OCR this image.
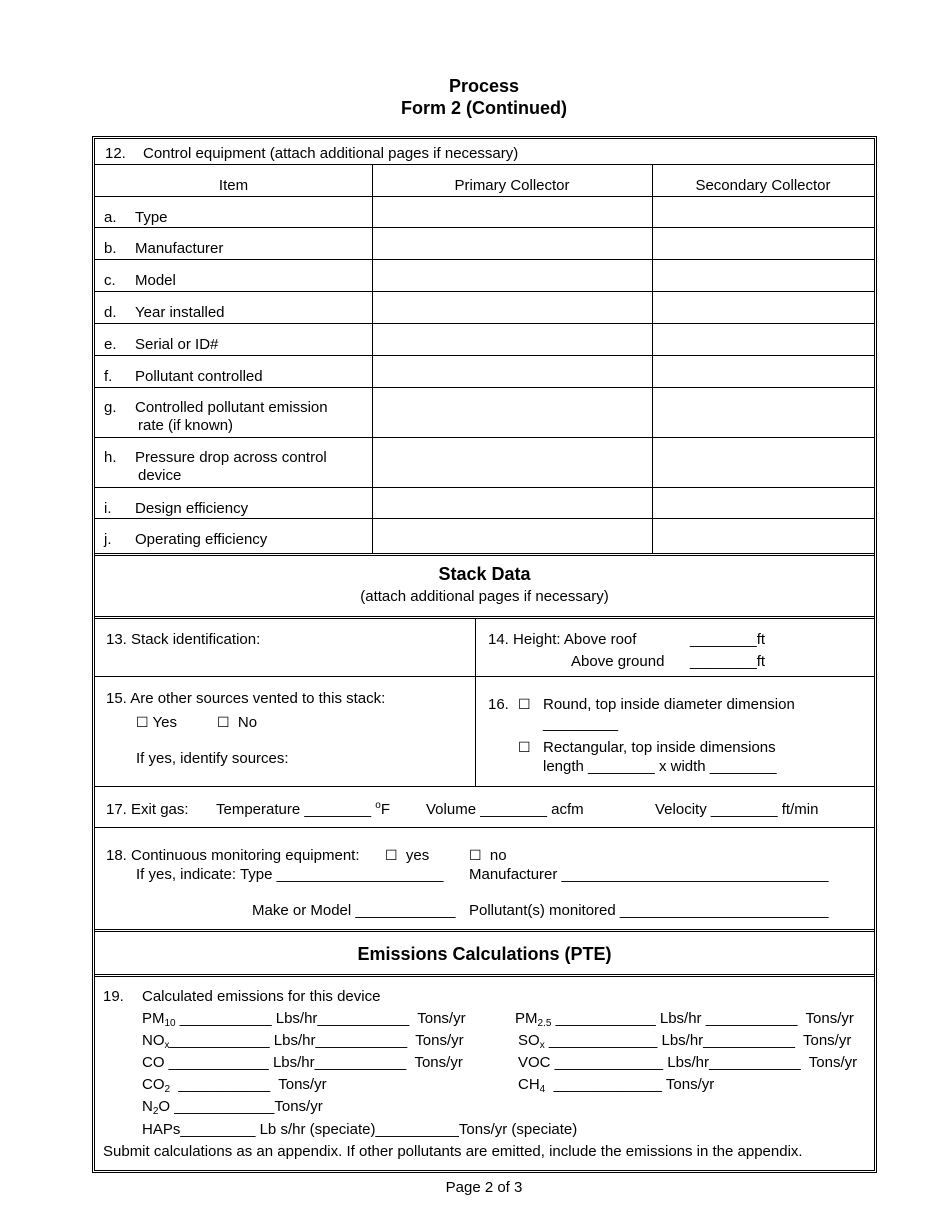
Process
Form 2 (Continued)
12. Control equipment (attach additional pages if necessary)
Item	Primary Collector	Secondary Collector
a. Type
b. Manufacturer
c. Model
d. Year installed
e. Serial or ID#
f. Pollutant controlled
g. Controlled pollutant emission
rate (if known)
h. Pressure drop across control
device
i. Design efficiency
j. Operating efficiency
Stack Data
(attach additional pages if necessary)
13. Stack identification:	14. Height: Above roof	________ft
Above ground ________ft
15. Are other sources vented to this stack:
☐ Yes	☐ No
If yes, identify sources:
16. ☐ Round, top inside diameter dimension
_________
☐ Rectangular, top inside dimensions
length ________ x width ________
17. Exit gas: Temperature ________ $^o$F Volume ________ acfm	Velocity ________ ft/min
18. Continuous monitoring equipment: ☐ yes	☐ no
If yes, indicate: Type ____________________ Manufacturer ________________________________
Make or Model ____________ Pollutant(s) monitored _________________________
Emissions Calculations (PTE)
19. Calculated emissions for this device
$PM_{10}$ ___________ Lbs/hr___________  Tons/yr	$PM_{2.5}$ ____________ Lbs/hr ___________  Tons/yr
$NO_x\_\_\_\_\_\_\_\_\_\_\_\_$ Lbs/hr___________  Tons/yr	$SO_x$ _____________ Lbs/hr___________  Tons/yr
CO ____________ Lbs/hr___________  Tons/yr	VOC _____________ Lbs/hr___________  Tons/yr
$CO_2$  ___________  Tons/yr	$CH_4$  _____________ Tons/yr
$N_2O$ ____________Tons/yr
HAPs_________ Lb s/hr (speciate)__________Tons/yr (speciate)
Submit calculations as an appendix. If other pollutants are emitted, include the emissions in the appendix.
Page 2 of 3
